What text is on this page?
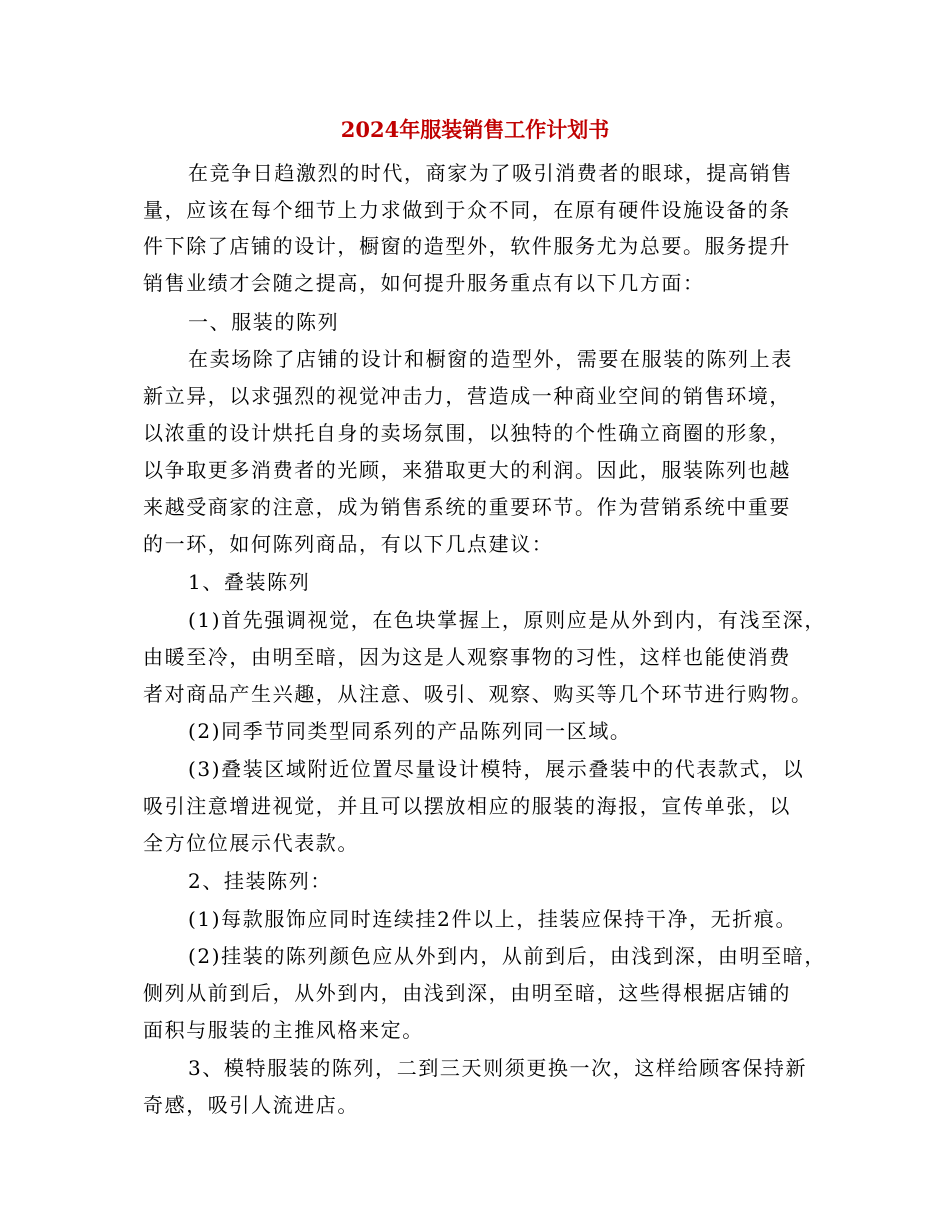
2024年服装销售工作计划书
在竞争日趋激烈的时代，商家为了吸引消费者的眼球，提高销售
量，应该在每个细节上力求做到于众不同，在原有硬件设施设备的条
件下除了店铺的设计，橱窗的造型外，软件服务尤为总要。服务提升
销售业绩才会随之提高，如何提升服务重点有以下几方面：
一、服装的陈列
在卖场除了店铺的设计和橱窗的造型外，需要在服装的陈列上表
新立异，以求强烈的视觉冲击力，营造成一种商业空间的销售环境，
以浓重的设计烘托自身的卖场氛围，以独特的个性确立商圈的形象，
以争取更多消费者的光顾，来猎取更大的利润。因此，服装陈列也越
来越受商家的注意，成为销售系统的重要环节。作为营销系统中重要
的一环，如何陈列商品，有以下几点建议：
1、叠装陈列
(1)首先强调视觉，在色块掌握上，原则应是从外到内，有浅至深，
由暖至冷，由明至暗，因为这是人观察事物的习性，这样也能使消费
者对商品产生兴趣，从注意、吸引、观察、购买等几个环节进行购物。
(2)同季节同类型同系列的产品陈列同一区域。
(3)叠装区域附近位置尽量设计模特，展示叠装中的代表款式，以
吸引注意增进视觉，并且可以摆放相应的服装的海报，宣传单张，以
全方位位展示代表款。
2、挂装陈列：
(1)每款服饰应同时连续挂2件以上，挂装应保持干净，无折痕。
(2)挂装的陈列颜色应从外到内，从前到后，由浅到深，由明至暗，
侧列从前到后，从外到内，由浅到深，由明至暗，这些得根据店铺的
面积与服装的主推风格来定。
3、模特服装的陈列，二到三天则须更换一次，这样给顾客保持新
奇感，吸引人流进店。
